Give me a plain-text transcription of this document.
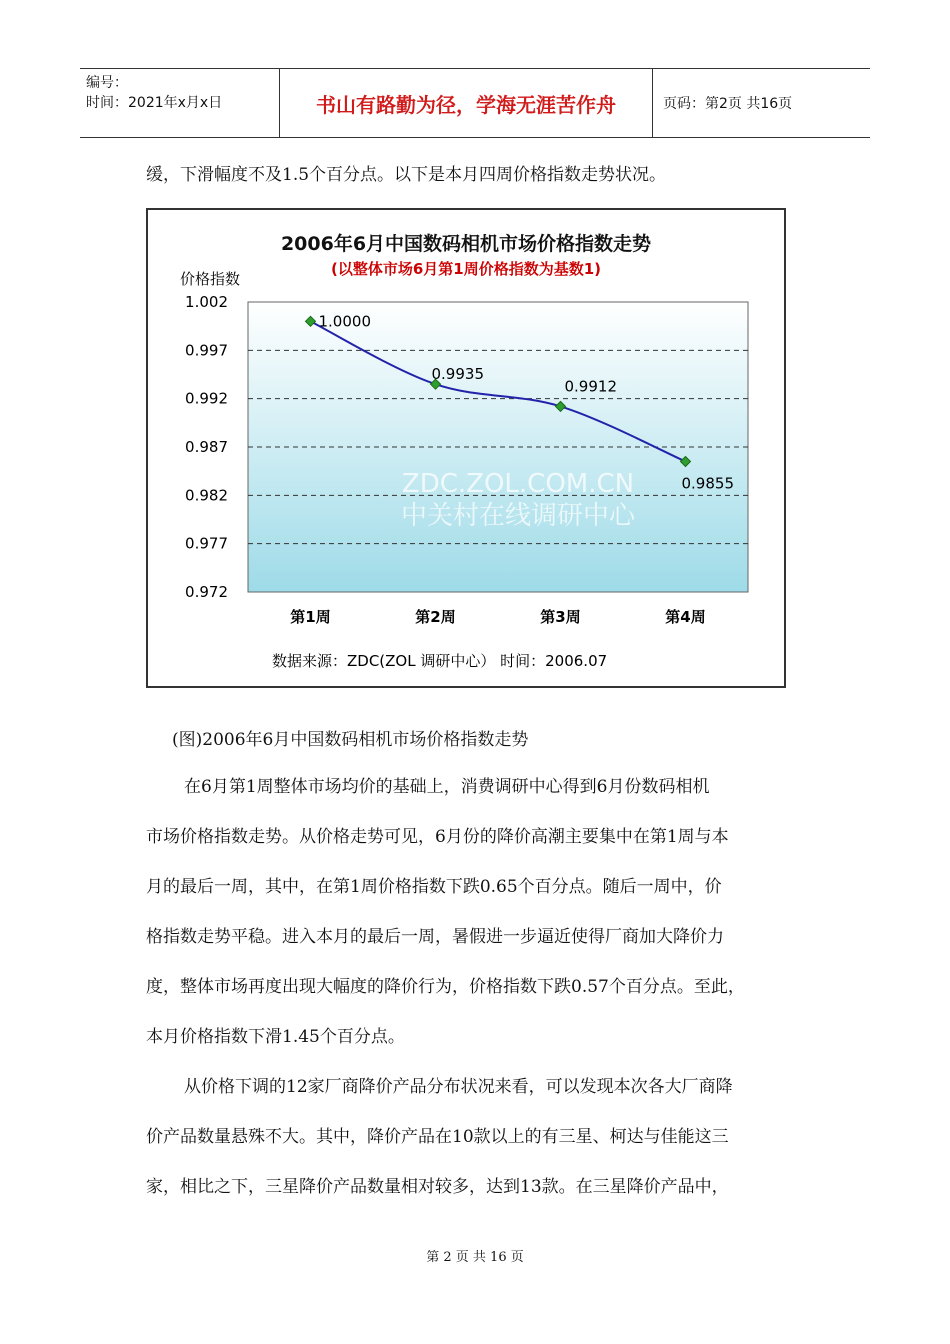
编号：
时间：2021年x月x日	书山有路勤为径，学海无涯苦作舟	页码：第2页 共16页
缓，下滑幅度不及1.5个百分点。以下是本月四周价格指数走势状况。
2006年6月中国数码相机市场价格指数走势
(以整体市场6月第1周价格指数为基数1)
价格指数
1.002
0.997
0.992
0.987
0.982
0.977
0.972
第1周	第2周	第3周	第4周
ZDC.ZOL.COM.CN
中关村在线调研中心
1.0000
0.9935
0.9912
0.9855
数据来源：ZDC(ZOL 调研中心） 时间：2006.07
(图)2006年6月中国数码相机市场价格指数走势
在6月第1周整体市场均价的基础上，消费调研中心得到6月份数码相机
市场价格指数走势。从价格走势可见，6月份的降价高潮主要集中在第1周与本
月的最后一周，其中，在第1周价格指数下跌0.65个百分点。随后一周中，价
格指数走势平稳。进入本月的最后一周，暑假进一步逼近使得厂商加大降价力
度，整体市场再度出现大幅度的降价行为，价格指数下跌0.57个百分点。至此，
本月价格指数下滑1.45个百分点。
从价格下调的12家厂商降价产品分布状况来看，可以发现本次各大厂商降
价产品数量悬殊不大。其中，降价产品在10款以上的有三星、柯达与佳能这三
家，相比之下，三星降价产品数量相对较多，达到13款。在三星降价产品中，
第 2 页 共 16 页
